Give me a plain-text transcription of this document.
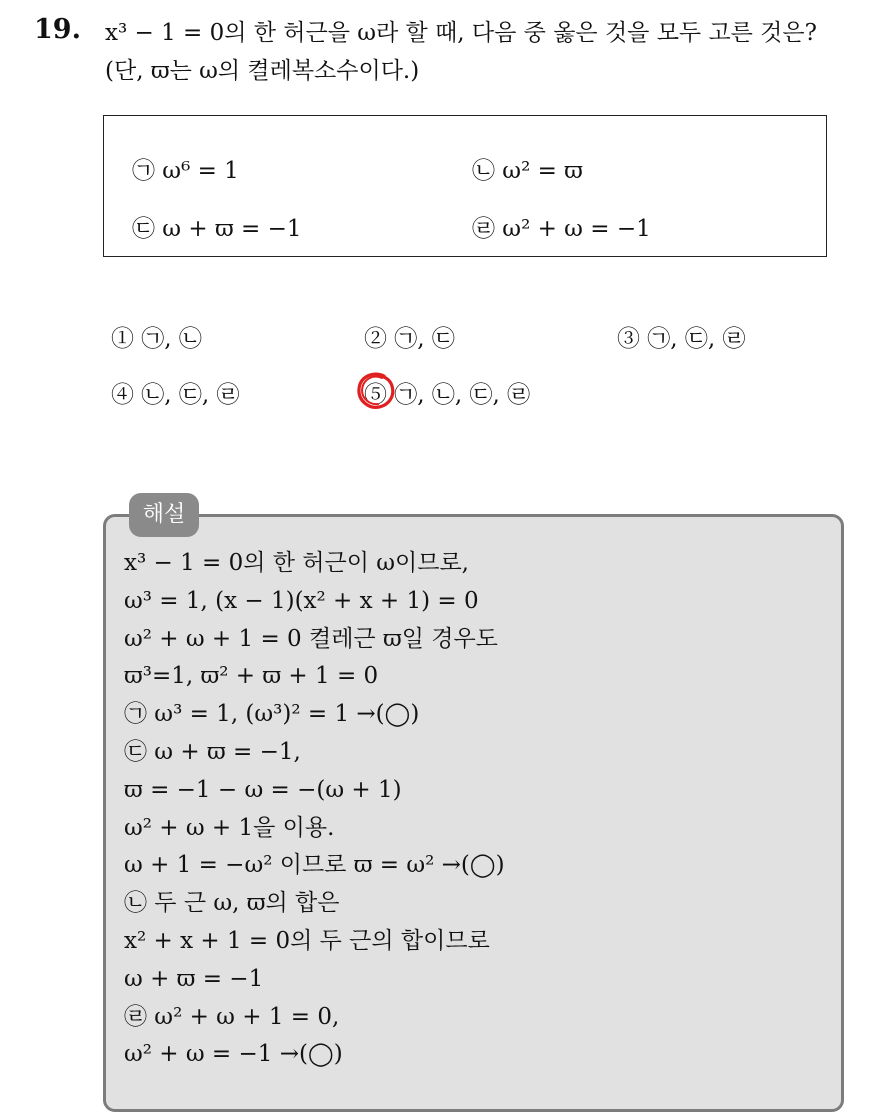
19. x³ − 1 = 0의 한 허근을 ω라 할 때, 다음 중 옳은 것을 모두 고른 것은?
(단, ϖ는 ω의 켤레복소수이다.)
㉠ ω⁶ = 1	㉡ ω² = ϖ
㉢ ω + ϖ = −1	㉣ ω² + ω = −1
① ㉠, ㉡	② ㉠, ㉢	③ ㉠, ㉢, ㉣
④ ㉡, ㉢, ㉣	⑤ ㉠, ㉡, ㉢, ㉣
해설
x³ − 1 = 0의 한 허근이 ω이므로,
ω³ = 1, (x − 1)(x² + x + 1) = 0
ω² + ω + 1 = 0 켤레근 ϖ일 경우도
ϖ³=1, ϖ² + ϖ + 1 = 0
㉠ ω³ = 1, (ω³)² = 1 →(◯)
㉢ ω + ϖ = −1,
ϖ = −1 − ω = −(ω + 1)
ω² + ω + 1을 이용.
ω + 1 = −ω² 이므로 ϖ = ω² →(◯)
㉡ 두 근 ω, ϖ의 합은
x² + x + 1 = 0의 두 근의 합이므로
ω + ϖ = −1
㉣ ω² + ω + 1 = 0,
ω² + ω = −1 →(◯)
